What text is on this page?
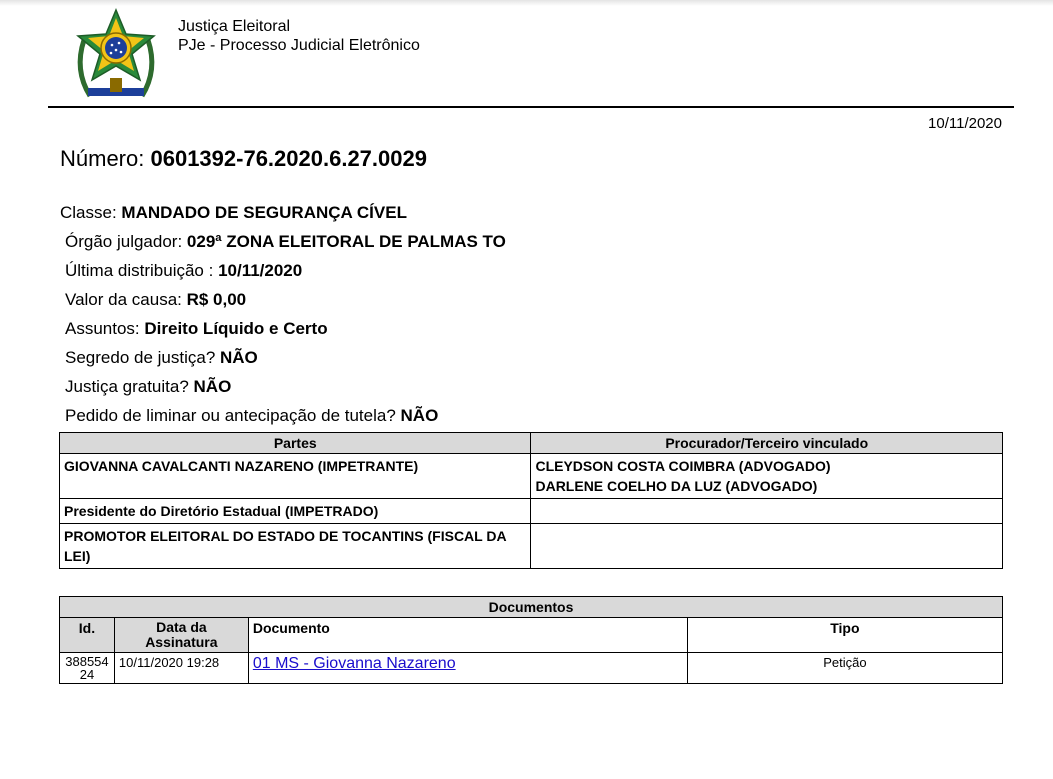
Justiça Eleitoral
PJe - Processo Judicial Eletrônico
10/11/2020
Número: 0601392-76.2020.6.27.0029
Classe: MANDADO DE SEGURANÇA CÍVEL
Órgão julgador: 029ª ZONA ELEITORAL DE PALMAS TO
Última distribuição : 10/11/2020
Valor da causa: R$ 0,00
Assuntos: Direito Líquido e Certo
Segredo de justiça? NÃO
Justiça gratuita? NÃO
Pedido de liminar ou antecipação de tutela? NÃO
Partes	Procurador/Terceiro vinculado
GIOVANNA CAVALCANTI NAZARENO (IMPETRANTE)	CLEYDSON COSTA COIMBRA (ADVOGADO)
DARLENE COELHO DA LUZ (ADVOGADO)

Presidente do Diretório Estadual (IMPETRADO)	
PROMOTOR ELEITORAL DO ESTADO DE TOCANTINS (FISCAL DA LEI)	
Documentos			
Id.	Data da Assinatura	Documento	Tipo
38855424	10/11/2020 19:28	01 MS - Giovanna Nazareno	Petição
